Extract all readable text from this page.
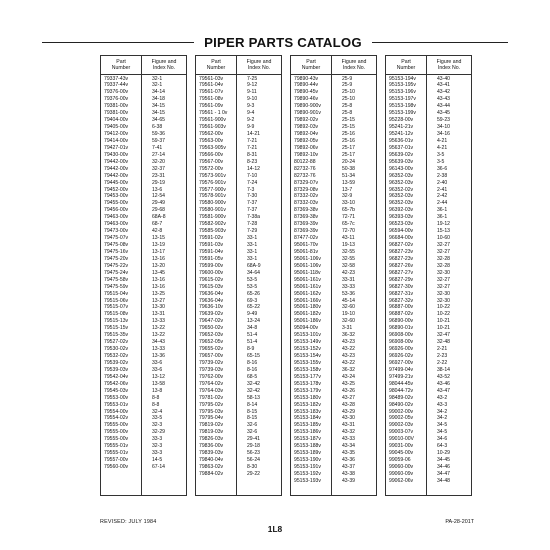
PIPER PARTS CATALOG
Part
Number
Figure and
Index No.
79337-43v
79337-44v
79376-00v
79376-00v
79381-00v
79381-00v
79404-00v
79405-00v
79412-00v
79414-00v
79427-01v
79430-00v
79442-00v
79442-00v
79442-00v
79445-00v
79452-00v
79453-00v
79455-00v
79456-00v
79463-00v
79463-00v
79473-00v
79475-07v
79475-08v
79475-16v
79475-20v
79475-22v
79475-24v
79475-58v
79475-59v
79515-04v
79515-06v
79515-07v
79515-08v
79515-13v
79515-15v
79515-35v
79527-02v
79530-02v
79532-02v
79539-02v
79539-03v
79542-04v
79542-06v
79545-03v
79553-00v
79553-01v
79554-00v
79554-02v
79555-00v
79555-00v
79555-00v
79555-01v
79555-01v
79557-00v
79560-00v
32-1
32-1
34-14
34-18
34-15
34-15
34-65
6-38
59-36
59-37
7-41
27-14
32-20
32-37
23-31
29-19
13-6
12-54
29-49
29-68
68A-8
68-7
42-8
13-15
13-19
13-17
13-16
13-20
13-45
13-16
13-16
13-25
13-27
13-30
13-31
13-33
13-22
13-22
34-43
13-33
13-36
33-6
33-6
13-12
13-58
13-8
8-8
8-8
32-4
33-5
32-3
32-29
33-3
32-3
33-3
14-5
67-14
Part
Number
Figure and
Index No.
79561-03v
79561-04v
79561-07v
79561-08v
79561-09v
79561 - 1 0v
79561-900v
79561-903v
79562-00v
79563-00v
79563-905v
79566-00v
79567-00v
79572-00v
79573-901v
79576-901v
79577-900v
79578-901v
79580-900v
79580-901v
79581-900v
79582-902v
79585-903v
79591-02v
79591-03v
79591-04v
79591-05v
79599-00v
79600-00v
79615-02v
79615-03v
79636-04v
79636-04v
79636-10v
79639-02v
79647-02v
79650-02v
79652-03v
79652-05v
79655-02v
79657-00v
79739-02v
79739-03v
79762-00v
79764-02v
79764-03v
79781-02v
79795-02v
79795-03v
79795-04v
79819-02v
79819-03v
79826-03v
79836-00v
79839-03v
79840-04v
79863-02v
79884-02v
7-25
9-12
9-11
9-10
9-3
9-4
9-2
9-9
14-21
7-21
7-21
8-31
8-23
14-12
7-10
7-24
7-3
7-30
7-37
7-37
7-38a
7-28
7-29
33-1
33-1
33-1
33-1
68A-9
34-64
53-5
53-5
65-26
69-3
65-22
9-49
13-24
34-8
51-4
51-4
8-9
65-15
8-16
8-16
68-5
32-42
32-42
58-13
8-14
8-15
8-15
32-6
32-6
29-41
29-18
56-23
56-24
8-30
29-22
Part
Number
Figure and
Index No.
79890-43v
79890-44v
79890-45v
79890-46v
79890-900v
79890-901v
79892-02v
79892-03v
79892-04v
79892-05v
79892-06v
79892-10v
80122-88
82732-76
82732-76
87329-07v
87329-08v
87332-02v
87332-03v
87369-38v
87369-38v
87369-39v
87369-39v
87477-02v
95061-70v
95061-81v
95061-106v
95061-106v
95061-118v
95061-161v
95061-161v
95061-162v
95061-166v
95061-180v
95061-182v
95061-186v
95094-00v
95153-101v
95153-149v
95153-152v
95153-154v
95153-155v
95153-158v
95153-177v
95153-178v
95153-179v
95153-180v
95153-182v
95153-183v
95153-184v
95153-185v
95153-186v
95153-187v
95153-188v
95153-189v
95153-190v
95153-191v
95153-192v
95153-193v
25-9
25-9
25-10
25-10
25-8
25-8
25-15
25-15
25-16
25-16
25-17
25-17
20-24
50-38
51-34
13-59
13-7
32-9
33-10
65-7b
72-71
65-7c
72-70
43-11
19-13
32-55
32-55
32-58
42-23
33-31
33-33
53-36
45-14
32-60
19-10
32-60
3-31
36-32
43-23
43-22
43-23
43-22
36-32
43-24
43-25
43-26
43-27
43-28
43-29
43-30
43-31
43-32
43-33
43-34
43-35
43-36
43-37
43-38
43-39
Part
Number
Figure and
Index No.
95153-194v
95153-195v
95153-196v
95153-197v
95153-198v
95153-199v
95228-00v
95241-21v
95241-12v
95636-01v
95637-01v
95639-02v
95639-03v
96143-00v
96352-03v
96352-03v
96352-02v
96352-03v
96352-03v
96392-03v
96393-03v
96523-03v
96594-00v
96684-00v
96827-02v
96827-23v
96827-23v
96827-26v
96827-27v
96827-29v
96827-30v
96827-31v
96827-32v
96887-00v
96887-02v
96890-00v
96890-01v
96908-00v
96908-00v
96926-00v
96926-02v
96927-00v
97499-04v
97499-21v
98044-45v
98044-72v
98489-02v
98490-02v
99002-00v
99002-05v
99002-03v
99003-07v
99010-00V
99031-00v
99045-00v
99059-06
99060-00v
99060-09v
99062-06v
43-40
43-41
43-42
43-43
43-44
43-45
59-23
34-10
34-16
4-21
4-21
3-5
3-5
36-6
2-38
2-40
2-41
2-42
2-44
36-1
36-1
19-12
15-13
10-60
32-27
32-27
32-28
32-28
32-30
32-27
32-27
32-30
32-30
10-22
10-22
10-21
10-21
32-47
32-48
2-21
2-23
2-22
38-14
43-52
43-46
43-47
43-2
43-3
34-2
34-2
34-5
34-5
34-6
64-3
10-29
34-45
34-46
34-47
34-48
REVISED: JULY 1984
1L8
PA-28-201T
